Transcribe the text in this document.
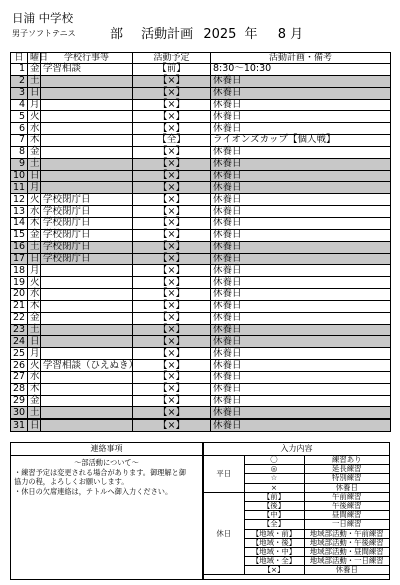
日浦 中学校
男子ソフトテニス	部 活動計画 2025 年 8 月
日	曜日	学校行事等	活動予定	活動計画・備考
1	金	学習相談	【前】	8:30～10:30
2	土		【×】	休養日
3	日		【×】	休養日
4	月		【×】	休養日
5	火		【×】	休養日
6	水		【×】	休養日
7	木		【全】	ライオンズカップ【個人戦】
8	金		【×】	休養日
9	土		【×】	休養日
10	日		【×】	休養日
11	月		【×】	休養日
12	火	学校閉庁日	【×】	休養日
13	水	学校閉庁日	【×】	休養日
14	木	学校閉庁日	【×】	休養日
15	金	学校閉庁日	【×】	休養日
16	土	学校閉庁日	【×】	休養日
17	日	学校閉庁日	【×】	休養日
18	月		【×】	休養日
19	火		【×】	休養日
20	水		【×】	休養日
21	木		【×】	休養日
22	金		【×】	休養日
23	土		【×】	休養日
24	日		【×】	休養日
25	月		【×】	休養日
26	火	学習相談（ひえぬき）	【×】	休養日
27	水		【×】	休養日
28	木		【×】	休養日
29	金		【×】	休養日
30	土		【×】	休養日
31	日		【×】	休養日
連絡事項
～部活動について～
・練習予定は変更される場合があります。御理解と御
協力の程，よろしくお願いします。
・休日の欠席連絡は，テトルへ御入力ください。
入力内容
平日	〇	練習あり
	◎	延長練習
	☆	特別練習
	×	休養日
休日	【前】	午前練習
	【後】	午後練習
	【中】	昼間練習
	【全】	一日練習
	【地域・前】	地域部活動・午前練習
	【地域・後】	地域部活動・午後練習
	【地域・中】	地域部活動・昼間練習
	【地域・全】	地域部活動・一日練習
	【×】	休養日
